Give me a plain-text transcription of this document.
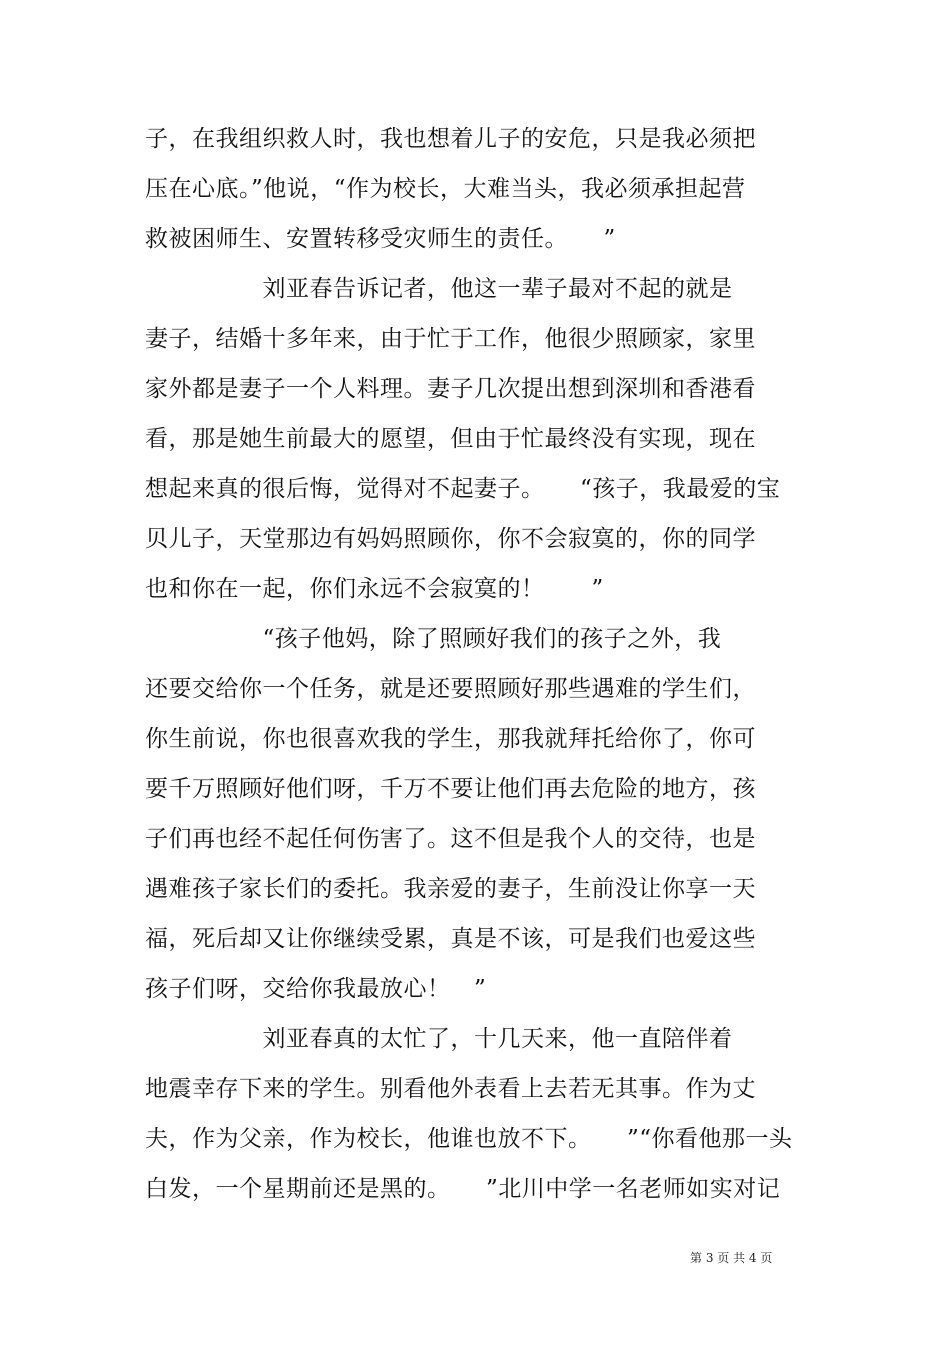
子，在我组织救人时，我也想着儿子的安危，只是我必须把
压在心底。”他说，“作为校长，大难当头，我必须承担起营
救被困师生、安置转移受灾师生的责任。　　”
　　　　　刘亚春告诉记者，他这一辈子最对不起的就是
妻子，结婚十多年来，由于忙于工作，他很少照顾家，家里
家外都是妻子一个人料理。妻子几次提出想到深圳和香港看
看，那是她生前最大的愿望，但由于忙最终没有实现，现在
想起来真的很后悔，觉得对不起妻子。　　“孩子，我最爱的宝
贝儿子，天堂那边有妈妈照顾你，你不会寂寞的，你的同学
也和你在一起，你们永远不会寂寞的！　　”
　　　　　“孩子他妈，除了照顾好我们的孩子之外，我
还要交给你一个任务，就是还要照顾好那些遇难的学生们，
你生前说，你也很喜欢我的学生，那我就拜托给你了，你可
要千万照顾好他们呀，千万不要让他们再去危险的地方，孩
子们再也经不起任何伤害了。这不但是我个人的交待，也是
遇难孩子家长们的委托。我亲爱的妻子，生前没让你享一天
福，死后却又让你继续受累，真是不该，可是我们也爱这些
孩子们呀，交给你我最放心！　”
　　　　　刘亚春真的太忙了，十几天来，他一直陪伴着
地震幸存下来的学生。别看他外表看上去若无其事。作为丈
夫，作为父亲，作为校长，他谁也放不下。　　”“你看他那一头
白发，一个星期前还是黑的。　　”北川中学一名老师如实对记
第 3 页 共 4 页
